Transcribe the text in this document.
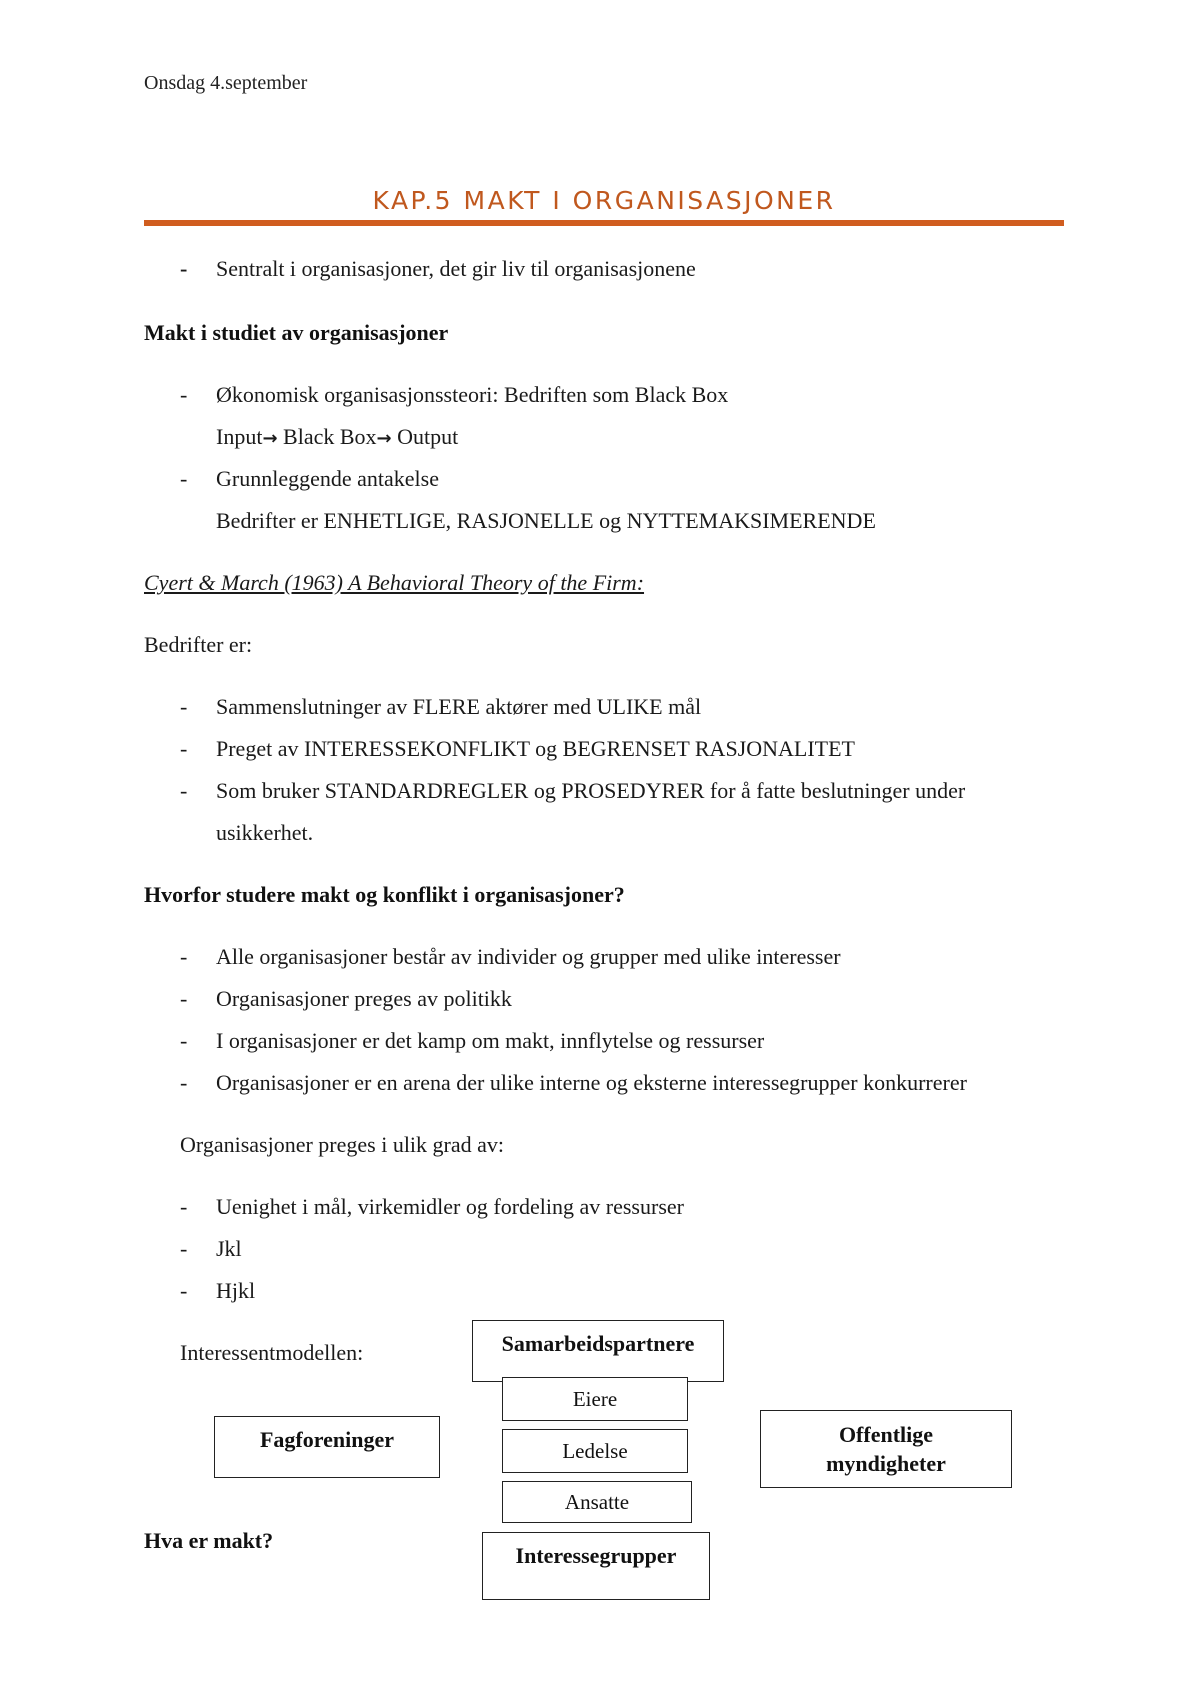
Onsdag 4.september
KAP.5 MAKT I ORGANISASJONER
- Sentralt i organisasjoner, det gir liv til organisasjonene
Makt i studiet av organisasjoner
- Økonomisk organisasjonssteori: Bedriften som Black Box
Input→ Black Box→ Output
- Grunnleggende antakelse
Bedrifter er ENHETLIGE, RASJONELLE og NYTTEMAKSIMERENDE
Cyert & March (1963) A Behavioral Theory of the Firm:
Bedrifter er:
- Sammenslutninger av FLERE aktører med ULIKE mål
- Preget av INTERESSEKONFLIKT og BEGRENSET RASJONALITET
- Som bruker STANDARDREGLER og PROSEDYRER for å fatte beslutninger under
usikkerhet.
Hvorfor studere makt og konflikt i organisasjoner?
- Alle organisasjoner består av individer og grupper med ulike interesser
- Organisasjoner preges av politikk
- I organisasjoner er det kamp om makt, innflytelse og ressurser
- Organisasjoner er en arena der ulike interne og eksterne interessegrupper konkurrerer
Organisasjoner preges i ulik grad av:
- Uenighet i mål, virkemidler og fordeling av ressurser
- Jkl
- Hjkl
Interessentmodellen:	Samarbeidspartnere
Eiere
Ledelse
Ansatte
Fagforeninger	Offentlige
myndigheter
Interessegrupper
Hva er makt?
